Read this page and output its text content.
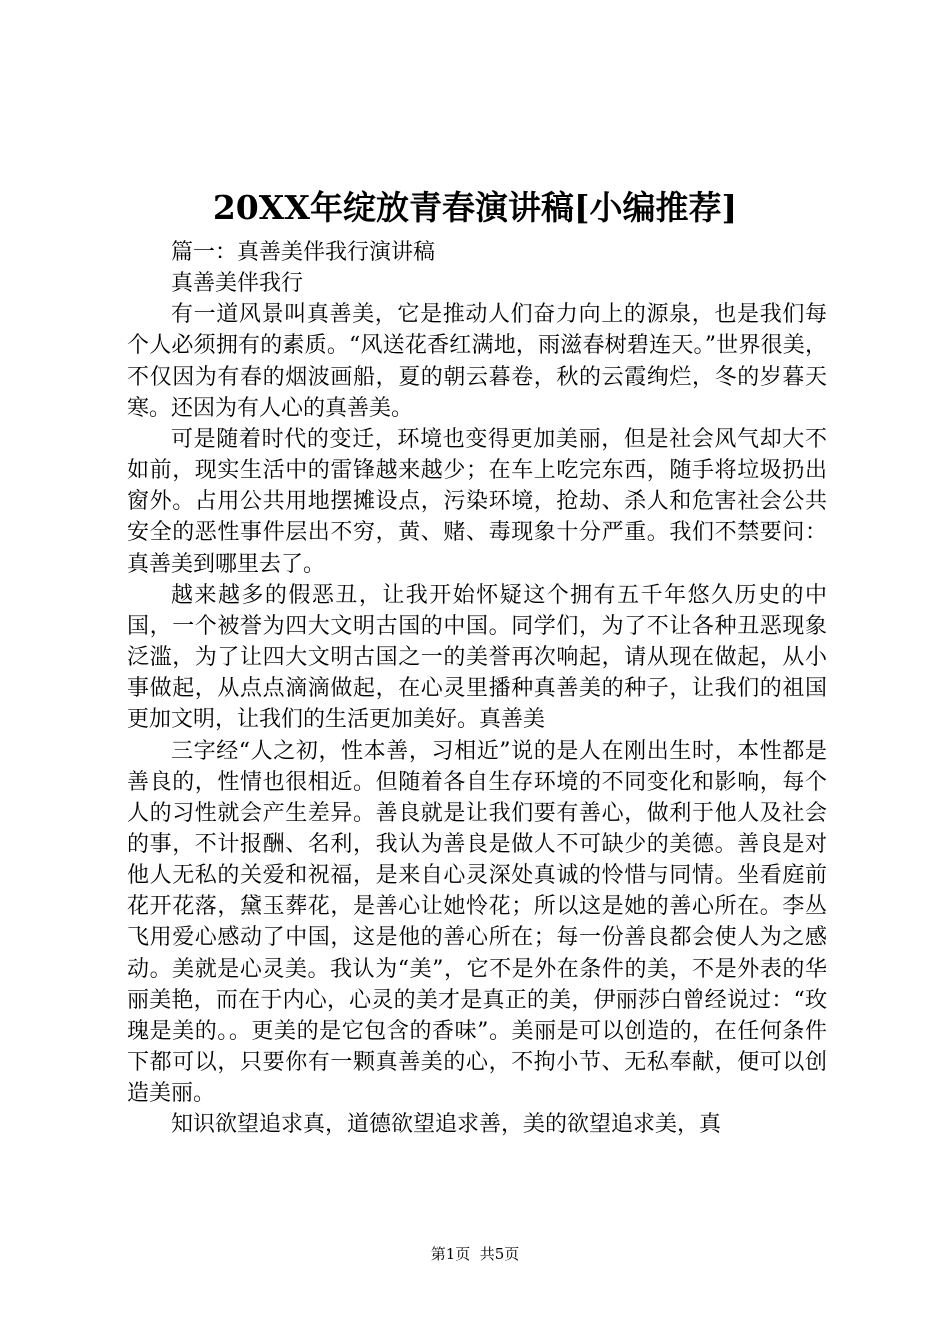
20XX年绽放青春演讲稿[小编推荐]

篇一：真善美伴我行演讲稿

真善美伴我行

有一道风景叫真善美，它是推动人们奋力向上的源泉，也是我们每个人必须拥有的素质。“风送花香红满地，雨滋春树碧连天。”世界很美，不仅因为有春的烟波画船，夏的朝云暮卷，秋的云霞绚烂，冬的岁暮天寒。还因为有人心的真善美。

可是随着时代的变迁，环境也变得更加美丽，但是社会风气却大不如前，现实生活中的雷锋越来越少；在车上吃完东西，随手将垃圾扔出窗外。占用公共用地摆摊设点，污染环境，抢劫、杀人和危害社会公共安全的恶性事件层出不穷，黄、赌、毒现象十分严重。我们不禁要问：真善美到哪里去了。

越来越多的假恶丑，让我开始怀疑这个拥有五千年悠久历史的中国，一个被誉为四大文明古国的中国。同学们，为了不让各种丑恶现象泛滥，为了让四大文明古国之一的美誉再次响起，请从现在做起，从小事做起，从点点滴滴做起，在心灵里播种真善美的种子，让我们的祖国更加文明，让我们的生活更加美好。真善美

三字经“人之初，性本善，习相近”说的是人在刚出生时，本性都是善良的，性情也很相近。但随着各自生存环境的不同变化和影响，每个人的习性就会产生差异。善良就是让我们要有善心，做利于他人及社会的事，不计报酬、名利，我认为善良是做人不可缺少的美德。善良是对他人无私的关爱和祝福，是来自心灵深处真诚的怜惜与同情。坐看庭前花开花落，黛玉葬花，是善心让她怜花；所以这是她的善心所在。李丛飞用爱心感动了中国，这是他的善心所在；每一份善良都会使人为之感动。美就是心灵美。我认为“美”，它不是外在条件的美，不是外表的华丽美艳，而在于内心，心灵的美才是真正的美，伊丽莎白曾经说过：“玫瑰是美的。。更美的是它包含的香味”。美丽是可以创造的，在任何条件下都可以，只要你有一颗真善美的心，不拘小节、无私奉献，便可以创造美丽。

知识欲望追求真，道德欲望追求善，美的欲望追求美，真

第1页  共5页
